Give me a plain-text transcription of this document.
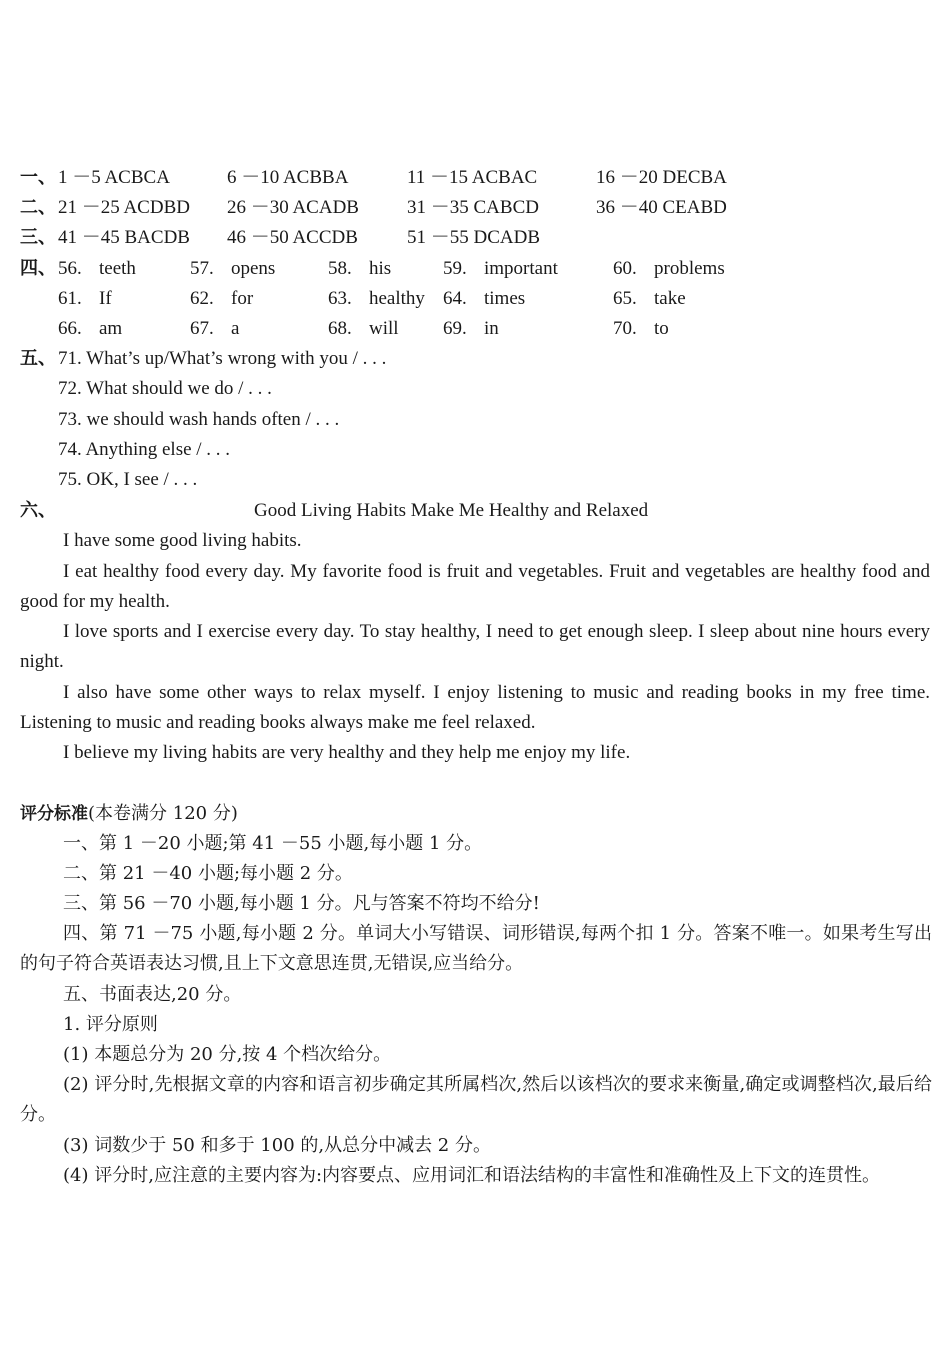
一、 1 －5 ACBCA	6 －10 ACBBA	11 －15 ACBAC	16 －20 DECBA
二、 21 －25 ACDBD 26 －30 ACADB	31 －35 CABCD	36 －40 CEABD
三、 41 －45 BACDB 46 －50 ACCDB	51 －55 DCADB
四、 56. teeth	57. opens	58. his	59. important	60. problems
61. If	62. for	63. healthy 64. times	65. take
66. am	67. a	68. will 69. in	70. to
五、 71. What’s up/What’s wrong with you / . . .
72. What should we do / . . .
73. we should wash hands often / . . .
74. Anything else / . . .
75. OK, I see / . . .
六、	Good Living Habits Make Me Healthy and Relaxed
I have some good living habits.
I eat healthy food every day. My favorite food is fruit and vegetables. Fruit and vegetables are healthy food and good for my health.
I love sports and I exercise every day. To stay healthy, I need to get enough sleep. I sleep about nine hours every night.
I also have some other ways to relax myself. I enjoy listening to music and reading books in my free time. Listening to music and reading books always make me feel relaxed.
I believe my living habits are very healthy and they help me enjoy my life.
评分标准(本卷满分 120 分)
一、第 1 －20 小题;第 41 －55 小题,每小题 1 分。
二、第 21 －40 小题;每小题 2 分。
三、第 56 －70 小题,每小题 1 分。凡与答案不符均不给分!
四、第 71 －75 小题,每小题 2 分。单词大小写错误、词形错误,每两个扣 1 分。答案不唯一。如果考生写出的句子符合英语表达习惯,且上下文意思连贯,无错误,应当给分。
五、书面表达,20 分。
1. 评分原则
(1) 本题总分为 20 分,按 4 个档次给分。
(2) 评分时,先根据文章的内容和语言初步确定其所属档次,然后以该档次的要求来衡量,确定或调整档次,最后给分。
(3) 词数少于 50 和多于 100 的,从总分中减去 2 分。
(4) 评分时,应注意的主要内容为:内容要点、应用词汇和语法结构的丰富性和准确性及上下文的连贯性。
